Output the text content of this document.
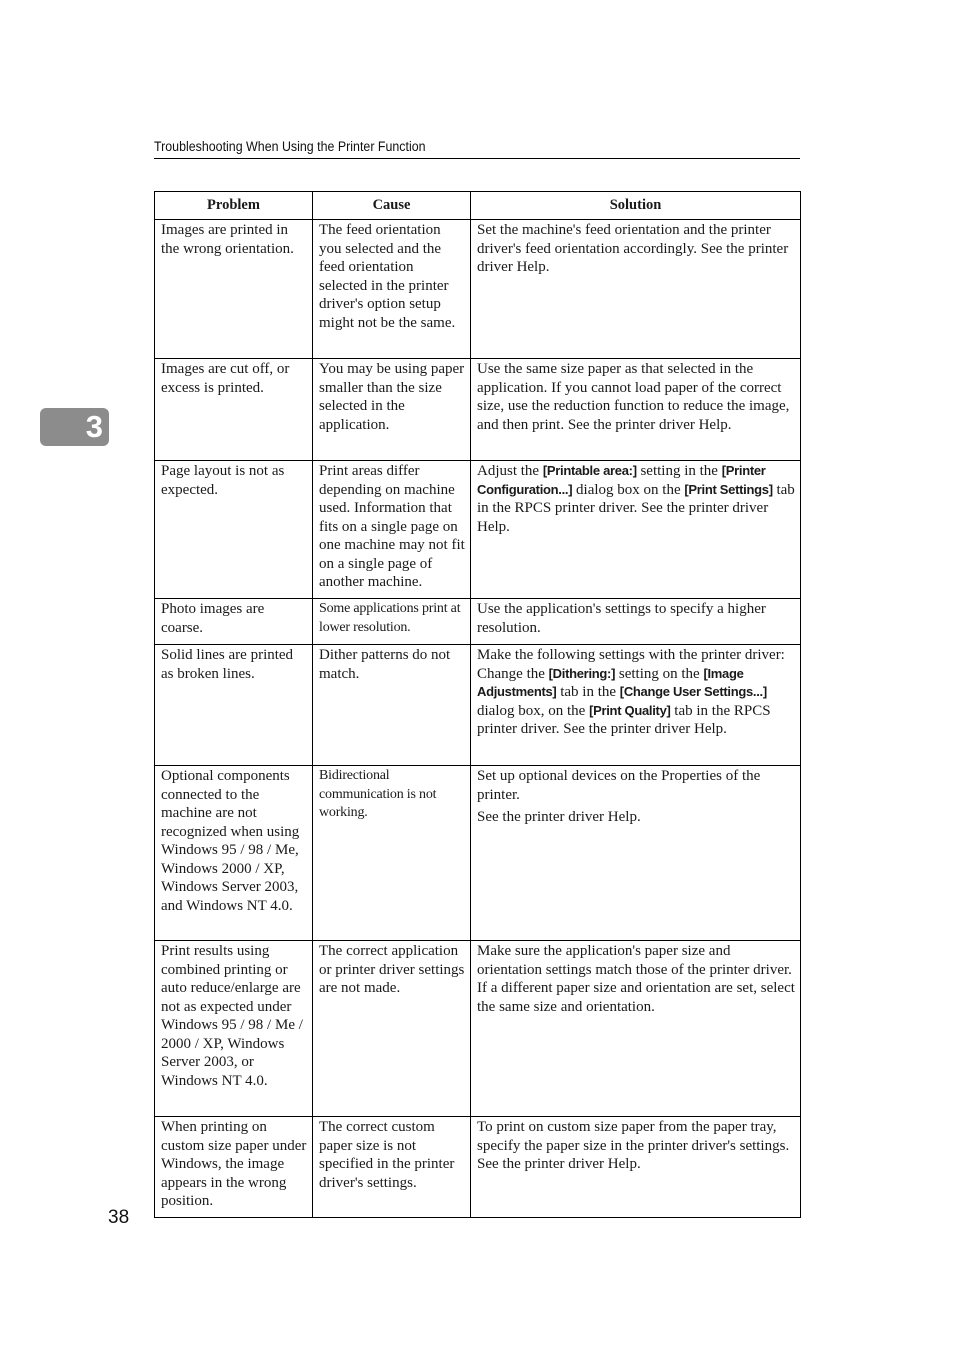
Troubleshooting When Using the Printer Function
3
Problem	Cause	Solution
Images are printed in the wrong orientation.	The feed orientation you selected and the feed orientation selected in the printer driver's option setup might not be the same.	Set the machine's feed orientation and the printer driver's feed orientation accordingly. See the printer driver Help.
Images are cut off, or excess is printed.	You may be using paper smaller than the size selected in the application.	Use the same size paper as that selected in the application. If you cannot load paper of the correct size, use the reduction function to reduce the image, and then print. See the printer driver Help.
Page layout is not as expected.	Print areas differ depending on machine used. Information that fits on a single page on one machine may not fit on a single page of another machine.	Adjust the [Printable area:] setting in the [Printer Configuration...] dialog box on the [Print Settings] tab in the RPCS printer driver. See the printer driver Help.
Photo images are coarse.	Some applications print at lower resolution.	Use the application's settings to specify a higher resolution.
Solid lines are printed as broken lines.	Dither patterns do not match.	Make the following settings with the printer driver: Change the [Dithering:] setting on the [Image Adjustments] tab in the [Change User Settings...] dialog box, on the [Print Quality] tab in the RPCS printer driver. See the printer driver Help.
Optional components connected to the machine are not recognized when using Windows 95 / 98 / Me, Windows 2000 / XP, Windows Server 2003, and Windows NT 4.0.	Bidirectional communication is not working.	Set up optional devices on the Properties of the printer.
See the printer driver Help.

Print results using combined printing or auto reduce/enlarge are not as expected under Windows 95 / 98 / Me / 2000 / XP, Windows Server 2003, or Windows NT 4.0.	The correct application or printer driver settings are not made.	Make sure the application's paper size and orientation settings match those of the printer driver. If a different paper size and orientation are set, select the same size and orientation.
When printing on custom size paper under Windows, the image appears in the wrong position.	The correct custom paper size is not specified in the printer driver's settings.	To print on custom size paper from the paper tray, specify the paper size in the printer driver's settings. See the printer driver Help.
38
